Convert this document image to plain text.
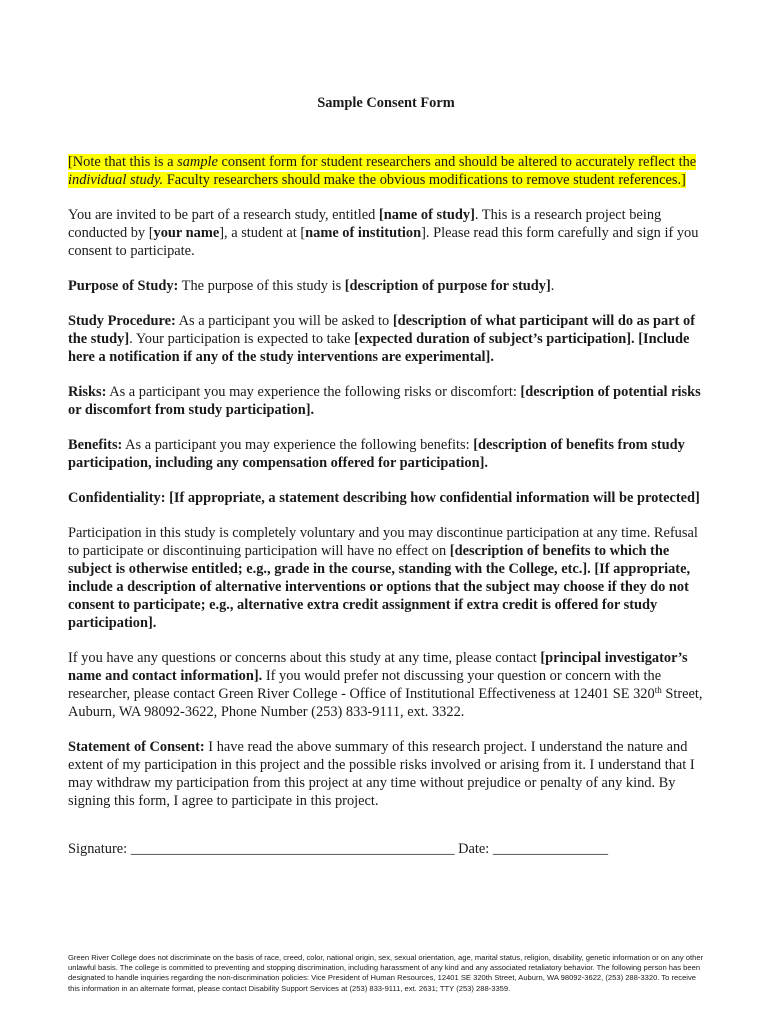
Sample Consent Form

[Note that this is a sample consent form for student researchers and should be altered to accurately reflect the individual study. Faculty researchers should make the obvious modifications to remove student references.]

You are invited to be part of a research study, entitled [name of study]. This is a research project being conducted by [your name], a student at [name of institution]. Please read this form carefully and sign if you consent to participate.

Purpose of Study: The purpose of this study is [description of purpose for study].

Study Procedure: As a participant you will be asked to [description of what participant will do as part of the study]. Your participation is expected to take [expected duration of subject’s participation]. [Include here a notification if any of the study interventions are experimental].

Risks: As a participant you may experience the following risks or discomfort: [description of potential risks or discomfort from study participation].

Benefits: As a participant you may experience the following benefits: [description of benefits from study participation, including any compensation offered for participation].

Confidentiality: [If appropriate, a statement describing how confidential information will be protected]

Participation in this study is completely voluntary and you may discontinue participation at any time. Refusal to participate or discontinuing participation will have no effect on [description of benefits to which the subject is otherwise entitled; e.g., grade in the course, standing with the College, etc.]. [If appropriate, include a description of alternative interventions or options that the subject may choose if they do not consent to participate; e.g., alternative extra credit assignment if extra credit is offered for study participation].

If you have any questions or concerns about this study at any time, please contact [principal investigator’s name and contact information]. If you would prefer not discussing your question or concern with the researcher, please contact Green River College - Office of Institutional Effectiveness at 12401 SE 320th Street, Auburn, WA 98092-3622, Phone Number (253) 833-9111, ext. 3322.

Statement of Consent: I have read the above summary of this research project. I understand the nature and extent of my participation in this project and the possible risks involved or arising from it. I understand that I may withdraw my participation from this project at any time without prejudice or penalty of any kind. By signing this form, I agree to participate in this project.

Signature: _____________________________________________ Date: ________________

Green River College does not discriminate on the basis of race, creed, color, national origin, sex, sexual orientation, age, marital status, religion, disability, genetic information or on any other unlawful basis. The college is committed to preventing and stopping discrimination, including harassment of any kind and any associated retaliatory behavior. The following person has been designated to handle inquiries regarding the non-discrimination policies: Vice President of Human Resources, 12401 SE 320th Street, Auburn, WA 98092-3622, (253) 288-3320. To receive this information in an alternate format, please contact Disability Support Services at (253) 833-9111, ext. 2631; TTY (253) 288-3359.
